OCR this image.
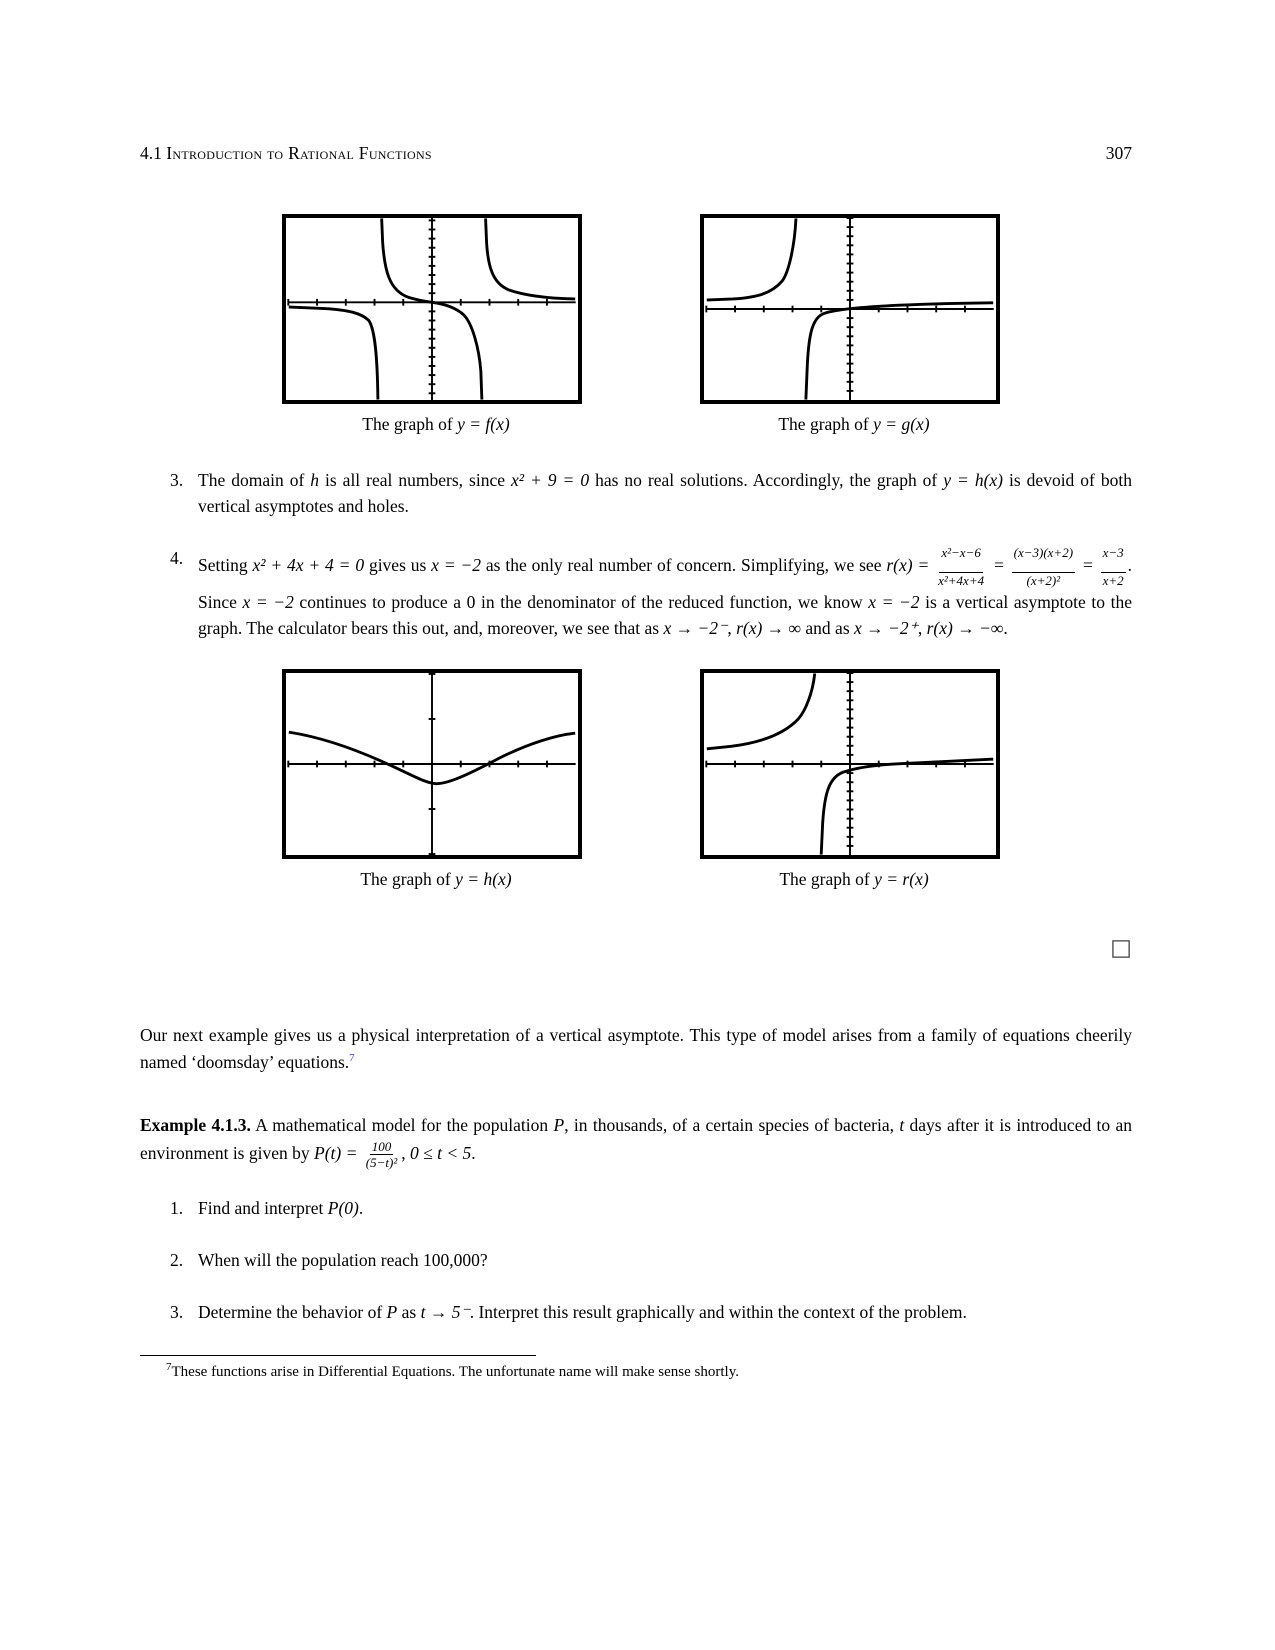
4.1 Introduction to Rational Functions	307
The graph of y = f(x)	The graph of y = g(x)
3. The domain of h is all real numbers, since x² + 9 = 0 has no real solutions. Accordingly, the graph of y = h(x) is devoid of both vertical asymptotes and holes.
4. Setting x² + 4x + 4 = 0 gives us x = −2 as the only real number of concern. Simplifying, we see $r(x) = \frac{\text{x²−x−6}}{\text{x²+4x+4}} = \frac{(x-3)(x+2)}{\text{(x+2)²}} = \frac{x-3}{x+2}$ . Since x = −2 continues to produce a 0 in the denominator of the reduced function, we know x = −2 is a vertical asymptote to the graph. The calculator bears this out, and, moreover, we see that as x → −2⁻, r(x) → ∞ and as x → −2⁺, r(x) → −∞.
The graph of y = h(x)	The graph of y = r(x)
□

Our next example gives us a physical interpretation of a vertical asymptote. This type of model arises from a family of equations cheerily named ‘doomsday’ equations.$^7$

Example 4.1.3. A mathematical model for the population P, in thousands, of a certain species of bacteria, t days after it is introduced to an environment is given by $P(t) = \frac{100}{\text{(5−t)²}}$ , 0 ≤ t < 5.

1. Find and interpret P(0).
2. When will the population reach 100,000?
3. Determine the behavior of P as t → 5⁻. Interpret this result graphically and within the context of the problem.
$^7$These functions arise in Differential Equations. The unfortunate name will make sense shortly.
